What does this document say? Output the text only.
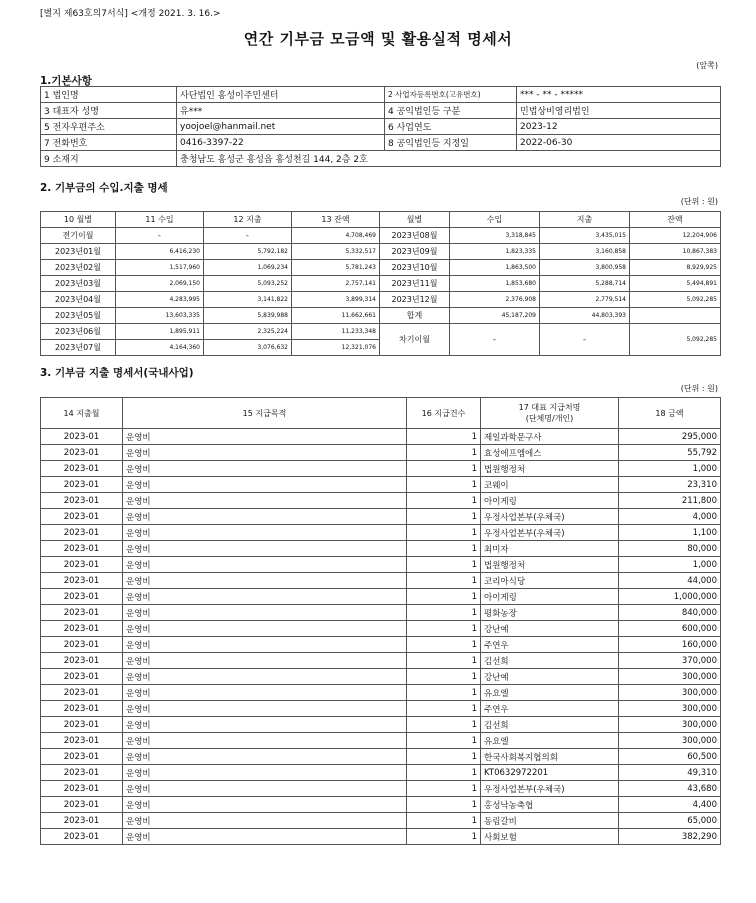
[별지 제63호의7서식] <개정 2021. 3. 16.>
연간 기부금 모금액 및 활용실적 명세서
(앞쪽)
1.기본사항
1 법인명	사단법인 홍성이주민센터	2 사업자등록번호(고유번호)	*** - ** - *****
3 대표자 성명	유***	4 공익법인등 구분	민법상비영리법인
5 전자우편주소	yoojoel@hanmail.net	6 사업연도	2023-12
7 전화번호	0416-3397-22	8 공익법인등 지정일	2022-06-30
9 소재지	충청남도 홍성군 홍성읍 홍성천길 144, 2층 2호		
2. 기부금의 수입.지출 명세
(단위 : 원)
10 월별	11 수입	12 지출	13 잔액	월별	수입	지출	잔액
전기이월	-	-	4,708,469	2023년08월	3,318,845	3,435,015	12,204,906
2023년01월	6,416,230	5,792,182	5,332,517	2023년09월	1,823,335	3,160,858	10,867,383
2023년02월	1,517,960	1,069,234	5,781,243	2023년10월	1,863,500	3,800,958	8,929,925
2023년03월	2,069,150	5,093,252	2,757,141	2023년11월	1,853,680	5,288,714	5,494,891
2023년04월	4,283,995	3,141,822	3,899,314	2023년12월	2,376,908	2,779,514	5,092,285
2023년05월	13,603,335	5,839,988	11,662,661	합계	45,187,209	44,803,393	
2023년06월	1,895,911	2,325,224	11,233,348	차기이월	-	-	5,092,285
2023년07월	4,164,360	3,076,632	12,321,076				
3. 기부금 지출 명세서(국내사업)
(단위 : 원)
14 지출월	15 지급목적	16 지급건수	17 대표 지급처명
(단체명/개인)	18 금액
2023-01	운영비	1	제일과학문구사	295,000
2023-01	운영비	1	효성에프엠에스	55,792
2023-01	운영비	1	법원행정처	1,000
2023-01	운영비	1	코웨이	23,310
2023-01	운영비	1	아이게링	211,800
2023-01	운영비	1	우정사업본부(우체국)	4,000
2023-01	운영비	1	우정사업본부(우체국)	1,100
2023-01	운영비	1	최미자	80,000
2023-01	운영비	1	법원행정처	1,000
2023-01	운영비	1	코리아식당	44,000
2023-01	운영비	1	아이게링	1,000,000
2023-01	운영비	1	평화농장	840,000
2023-01	운영비	1	강난예	600,000
2023-01	운영비	1	주연우	160,000
2023-01	운영비	1	김선희	370,000
2023-01	운영비	1	강난예	300,000
2023-01	운영비	1	유요엘	300,000
2023-01	운영비	1	주연우	300,000
2023-01	운영비	1	김선희	300,000
2023-01	운영비	1	유요엘	300,000
2023-01	운영비	1	한국사회복지협의회	60,500
2023-01	운영비	1	KT0632972201	49,310
2023-01	운영비	1	우정사업본부(우체국)	43,680
2023-01	운영비	1	홍성낙농축협	4,400
2023-01	운영비	1	동림갈비	65,000
2023-01	운영비	1	사회보험	382,290
